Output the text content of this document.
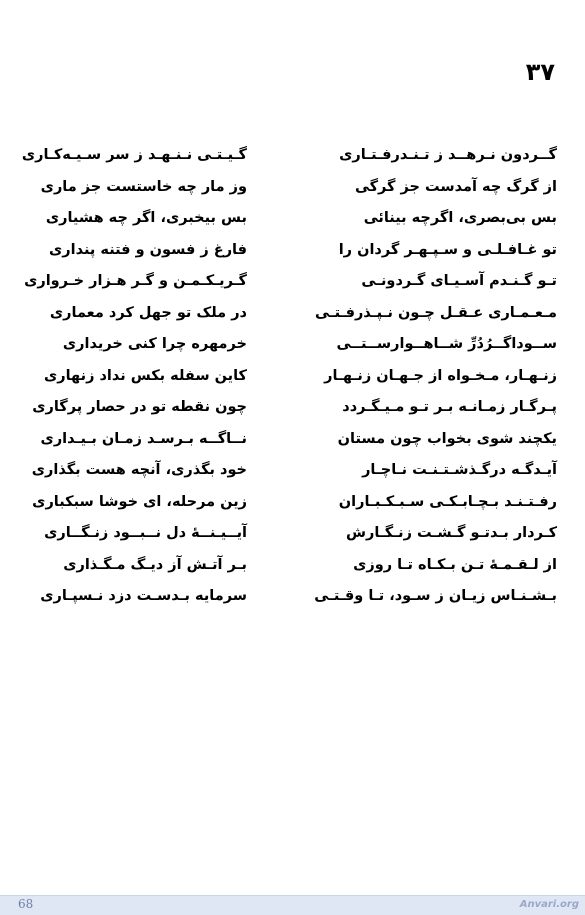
۳۷
گــردون نـرهــد ز تـنـدرفـتـاری
گـیـتـی نـنـهـد ز سر سـیـه‌کـاری
از گرگ چه آمدست جز گرگی
وز مار چه خاستست جز ماری
بس بی‌بصری، اگرچه بینائی
بس بیخبری، اگر چه هشیاری
تو غـافـلـی و سـپـهـر گردان را
فارغ ز فسون و فتنه پنداری
تـو گـنـدم آسـیـای گـردونـی
گـریـکـمـن و گـر هـزار خـرواری
مـعـمـاری عـقـل چـون نـپـذرفـتـی
در ملک تو جهل کرد معماری
ســوداگــرُدُرِّ شــاهــوارســتــی
خرمهره چرا کنی خریداری
زنـهـار، مـخـواه از جـهـان زنـهـار
کاین سفله بکس نداد زنهاری
پـرگـار زمـانـه بـر تـو مـیـگـردد
چون نقطه تو در حصار پرگاری
یکچند شوی بخواب چون مستان
نــاگــه بـرسـد زمـان بـیـداری
آیـدگـه درگـذشـتـنـت نـاچـار
خود بگذری، آنچه هست بگذاری
رفـتـنـد بـچـابـکـی سـبـکـبـاران
زین مرحله، ای خوشا سبکباری
کـردار بـدتـو گـشـت زنـگـارش
آیــیـنــهٔ دل نــبــود زنـگــاری
از لـقـمـهٔ تـن بـکـاه تـا روزی
بـر آتـش آز دیـگ مـگـذاری
بـشـنـاس زیـان ز سـود، تـا وقـتـی
سرمایه بـدسـت دزد نـسپـاری
68	Anvari.org
